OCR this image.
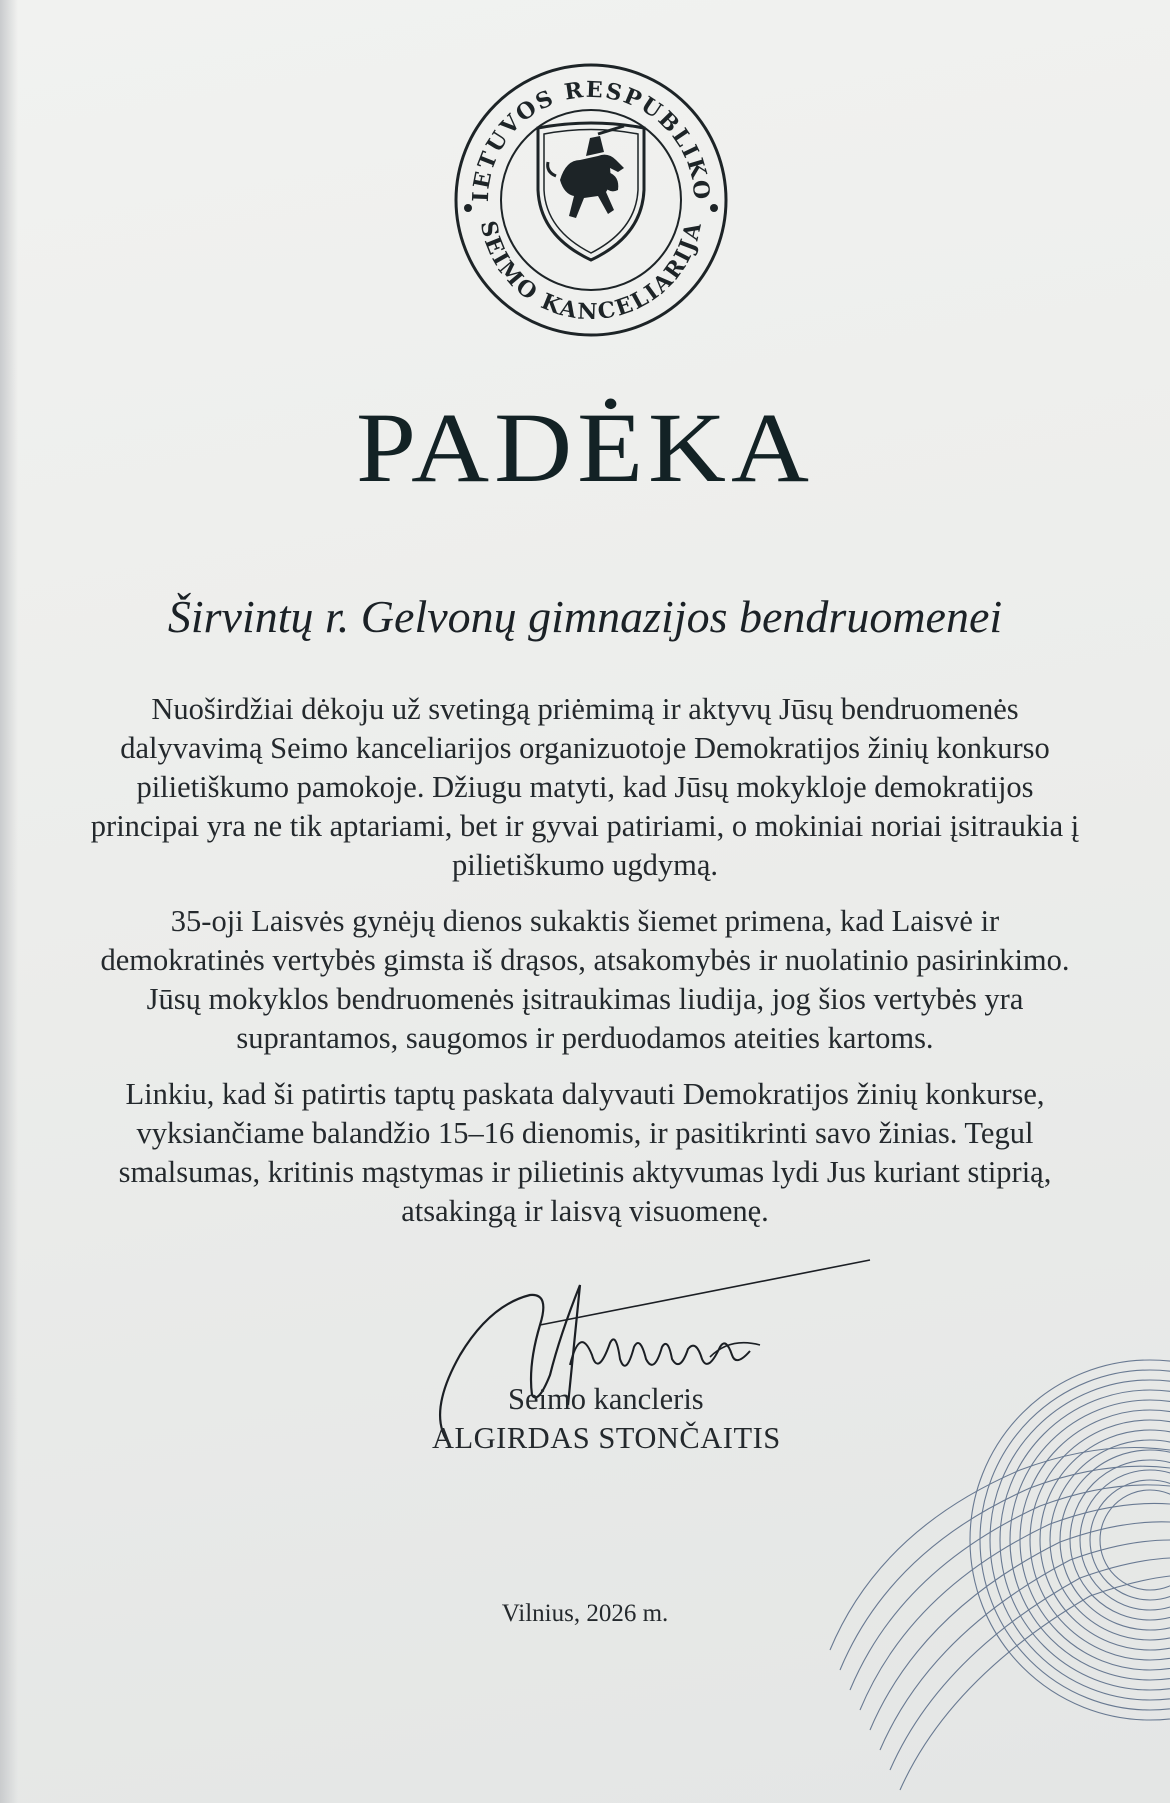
IETUVOS RESPUBLIKO
SEIMO KANCELIARIJA
PADĖKA
Širvintų r. Gelvonų gimnazijos bendruomenei
Nuoširdžiai dėkoju už svetingą priėmimą ir aktyvų Jūsų bendruomenės dalyvavimą Seimo kanceliarijos organizuotoje Demokratijos žinių konkurso pilietiškumo pamokoje. Džiugu matyti, kad Jūsų mokykloje demokratijos principai yra ne tik aptariami, bet ir gyvai patiriami, o mokiniai noriai įsitraukia į pilietiškumo ugdymą.
35-oji Laisvės gynėjų dienos sukaktis šiemet primena, kad Laisvė ir demokratinės vertybės gimsta iš drąsos, atsakomybės ir nuolatinio pasirinkimo. Jūsų mokyklos bendruomenės įsitraukimas liudija, jog šios vertybės yra suprantamos, saugomos ir perduodamos ateities kartoms.
Linkiu, kad ši patirtis taptų paskata dalyvauti Demokratijos žinių konkurse, vyksiančiame balandžio 15–16 dienomis, ir pasitikrinti savo žinias. Tegul smalsumas, kritinis mąstymas ir pilietinis aktyvumas lydi Jus kuriant stiprią, atsakingą ir laisvą visuomenę.
Seimo kancleris
ALGIRDAS STONČAITIS
Vilnius, 2026 m.
